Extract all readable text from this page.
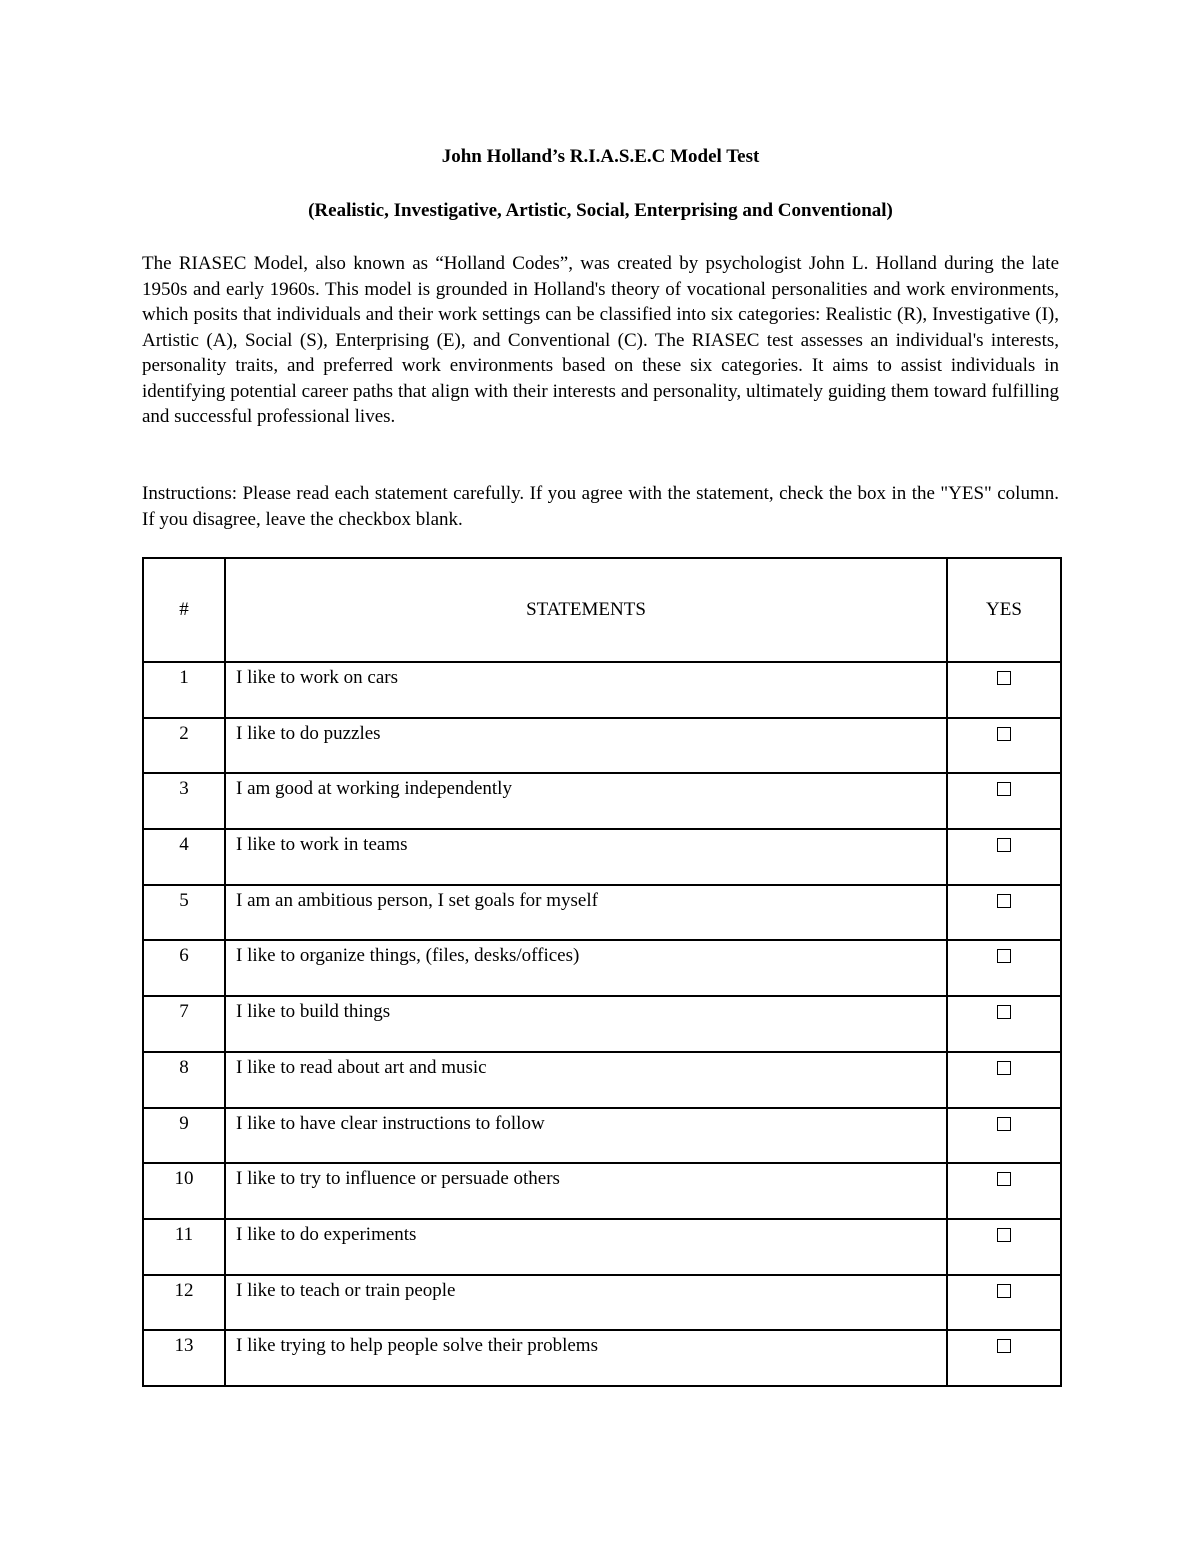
John Holland’s R.I.A.S.E.C Model Test
(Realistic, Investigative, Artistic, Social, Enterprising and Conventional)

The RIASEC Model, also known as “Holland Codes”, was created by psychologist John L. Holland during the late 1950s and early 1960s. This model is grounded in Holland's theory of vocational personalities and work environments, which posits that individuals and their work settings can be classified into six categories: Realistic (R), Investigative (I), Artistic (A), Social (S), Enterprising (E), and Conventional (C). The RIASEC test assesses an individual's interests, personality traits, and preferred work environments based on these six categories. It aims to assist individuals in identifying potential career paths that align with their interests and personality, ultimately guiding them toward fulfilling and successful professional lives.

Instructions: Please read each statement carefully. If you agree with the statement, check the box in the "YES" column. If you disagree, leave the checkbox blank.

#	STATEMENTS	YES
1	I like to work on cars	
2	I like to do puzzles	
3	I am good at working independently	
4	I like to work in teams	
5	I am an ambitious person, I set goals for myself	
6	I like to organize things, (files, desks/offices)	
7	I like to build things	
8	I like to read about art and music	
9	I like to have clear instructions to follow	
10	I like to try to influence or persuade others	
11	I like to do experiments	
12	I like to teach or train people	
13	I like trying to help people solve their problems	
